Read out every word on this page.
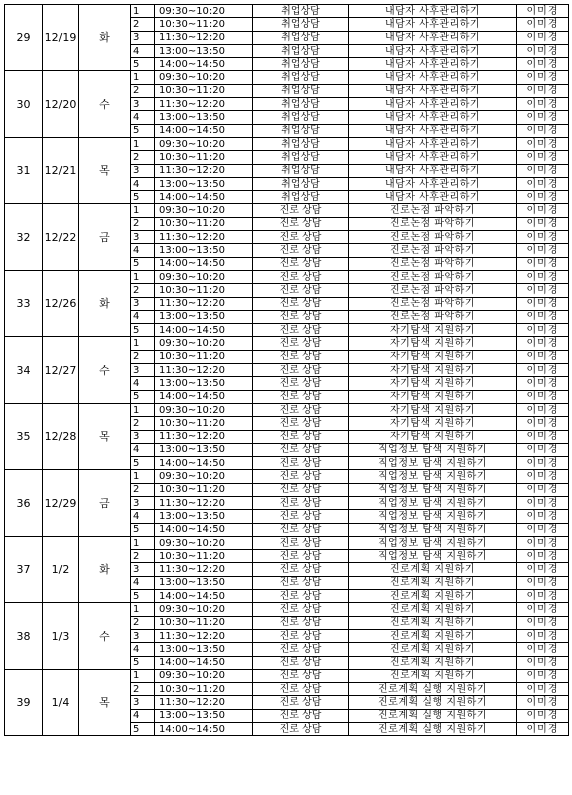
29	12/19	화	1	09:30~10:20	취업상담	내담자 사후관리하기	이미경
			2	10:30~11:20	취업상담	내담자 사후관리하기	이미경
			3	11:30~12:20	취업상담	내담자 사후관리하기	이미경
			4	13:00~13:50	취업상담	내담자 사후관리하기	이미경
			5	14:00~14:50	취업상담	내담자 사후관리하기	이미경
30	12/20	수	1	09:30~10:20	취업상담	내담자 사후관리하기	이미경
			2	10:30~11:20	취업상담	내담자 사후관리하기	이미경
			3	11:30~12:20	취업상담	내담자 사후관리하기	이미경
			4	13:00~13:50	취업상담	내담자 사후관리하기	이미경
			5	14:00~14:50	취업상담	내담자 사후관리하기	이미경
31	12/21	목	1	09:30~10:20	취업상담	내담자 사후관리하기	이미경
			2	10:30~11:20	취업상담	내담자 사후관리하기	이미경
			3	11:30~12:20	취업상담	내담자 사후관리하기	이미경
			4	13:00~13:50	취업상담	내담자 사후관리하기	이미경
			5	14:00~14:50	취업상담	내담자 사후관리하기	이미경
32	12/22	금	1	09:30~10:20	진로 상담	진로논점 파악하기	이미경
			2	10:30~11:20	진로 상담	진로논점 파악하기	이미경
			3	11:30~12:20	진로 상담	진로논점 파악하기	이미경
			4	13:00~13:50	진로 상담	진로논점 파악하기	이미경
			5	14:00~14:50	진로 상담	진로논점 파악하기	이미경
33	12/26	화	1	09:30~10:20	진로 상담	진로논점 파악하기	이미경
			2	10:30~11:20	진로 상담	진로논점 파악하기	이미경
			3	11:30~12:20	진로 상담	진로논점 파악하기	이미경
			4	13:00~13:50	진로 상담	진로논점 파악하기	이미경
			5	14:00~14:50	진로 상담	자기탐색 지원하기	이미경
34	12/27	수	1	09:30~10:20	진로 상담	자기탐색 지원하기	이미경
			2	10:30~11:20	진로 상담	자기탐색 지원하기	이미경
			3	11:30~12:20	진로 상담	자기탐색 지원하기	이미경
			4	13:00~13:50	진로 상담	자기탐색 지원하기	이미경
			5	14:00~14:50	진로 상담	자기탐색 지원하기	이미경
35	12/28	목	1	09:30~10:20	진로 상담	자기탐색 지원하기	이미경
			2	10:30~11:20	진로 상담	자기탐색 지원하기	이미경
			3	11:30~12:20	진로 상담	자기탐색 지원하기	이미경
			4	13:00~13:50	진로 상담	직업정보 탐색 지원하기	이미경
			5	14:00~14:50	진로 상담	직업정보 탐색 지원하기	이미경
36	12/29	금	1	09:30~10:20	진로 상담	직업정보 탐색 지원하기	이미경
			2	10:30~11:20	진로 상담	직업정보 탐색 지원하기	이미경
			3	11:30~12:20	진로 상담	직업정보 탐색 지원하기	이미경
			4	13:00~13:50	진로 상담	직업정보 탐색 지원하기	이미경
			5	14:00~14:50	진로 상담	직업정보 탐색 지원하기	이미경
37	1/2	화	1	09:30~10:20	진로 상담	직업정보 탐색 지원하기	이미경
			2	10:30~11:20	진로 상담	직업정보 탐색 지원하기	이미경
			3	11:30~12:20	진로 상담	진로계획 지원하기	이미경
			4	13:00~13:50	진로 상담	진로계획 지원하기	이미경
			5	14:00~14:50	진로 상담	진로계획 지원하기	이미경
38	1/3	수	1	09:30~10:20	진로 상담	진로계획 지원하기	이미경
			2	10:30~11:20	진로 상담	진로계획 지원하기	이미경
			3	11:30~12:20	진로 상담	진로계획 지원하기	이미경
			4	13:00~13:50	진로 상담	진로계획 지원하기	이미경
			5	14:00~14:50	진로 상담	진로계획 지원하기	이미경
39	1/4	목	1	09:30~10:20	진로 상담	진로계획 지원하기	이미경
			2	10:30~11:20	진로 상담	진로계획 실행 지원하기	이미경
			3	11:30~12:20	진로 상담	진로계획 실행 지원하기	이미경
			4	13:00~13:50	진로 상담	진로계획 실행 지원하기	이미경
			5	14:00~14:50	진로 상담	진로계획 실행 지원하기	이미경
